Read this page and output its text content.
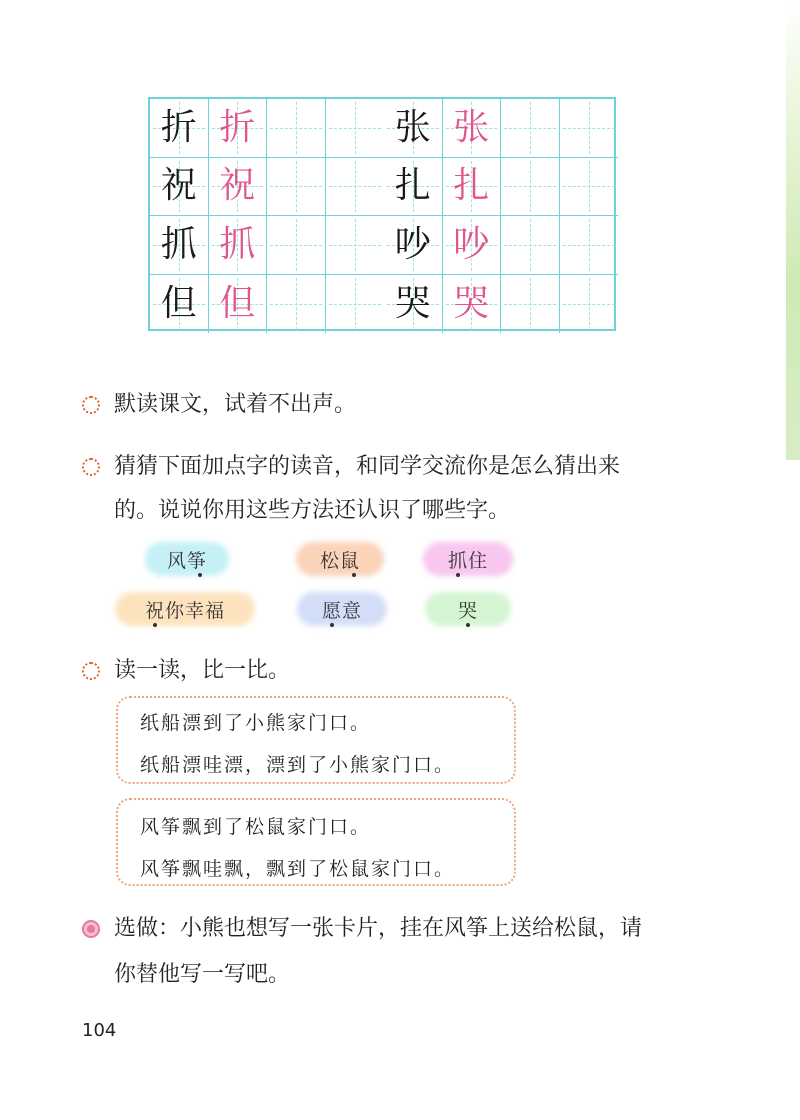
折 折	张 张
祝 祝	扎 扎
抓 抓	吵 吵
但 但	哭 哭
默读课文，试着不出声。
猜猜下面加点字的读音，和同学交流你是怎么猜出来
的。说说你用这些方法还认识了哪些字。
风筝	松鼠	抓住
祝你幸福	愿意	哭
读一读，比一比。
纸船漂到了小熊家门口。
纸船漂哇漂，漂到了小熊家门口。
风筝飘到了松鼠家门口。
风筝飘哇飘，飘到了松鼠家门口。
选做：小熊也想写一张卡片，挂在风筝上送给松鼠，请
你替他写一写吧。
104
